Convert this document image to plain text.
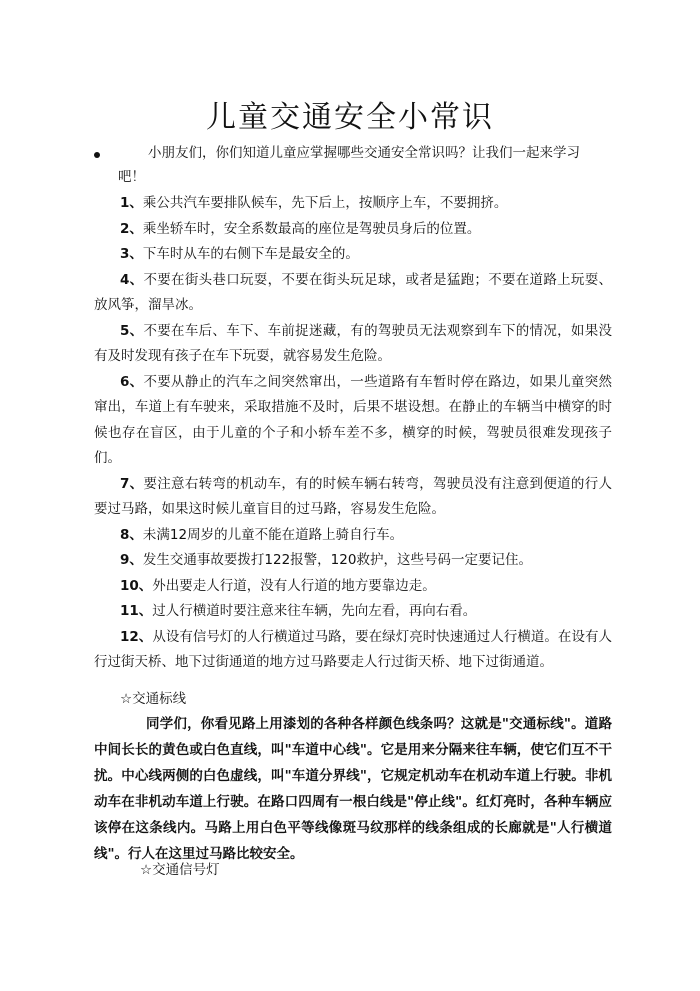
儿童交通安全小常识
小朋友们，你们知道儿童应掌握哪些交通安全常识吗？让我们一起来学习吧！
1、乘公共汽车要排队候车，先下后上，按顺序上车，不要拥挤。
2、乘坐轿车时，安全系数最高的座位是驾驶员身后的位置。
3、下车时从车的右侧下车是最安全的。
4、不要在街头巷口玩耍，不要在街头玩足球，或者是猛跑；不要在道路上玩耍、放风筝，溜旱冰。
5、不要在车后、车下、车前捉迷藏，有的驾驶员无法观察到车下的情况，如果没有及时发现有孩子在车下玩耍，就容易发生危险。
6、不要从静止的汽车之间突然窜出，一些道路有车暂时停在路边，如果儿童突然窜出，车道上有车驶来，采取措施不及时，后果不堪设想。在静止的车辆当中横穿的时候也存在盲区，由于儿童的个子和小轿车差不多，横穿的时候，驾驶员很难发现孩子们。
7、要注意右转弯的机动车，有的时候车辆右转弯，驾驶员没有注意到便道的行人要过马路，如果这时候儿童盲目的过马路，容易发生危险。
8、未满12周岁的儿童不能在道路上骑自行车。
9、发生交通事故要拨打122报警，120救护，这些号码一定要记住。
10、外出要走人行道，没有人行道的地方要靠边走。
11、过人行横道时要注意来往车辆，先向左看，再向右看。
12、从设有信号灯的人行横道过马路，要在绿灯亮时快速通过人行横道。在设有人行过街天桥、地下过街通道的地方过马路要走人行过街天桥、地下过街通道。
☆交通标线
同学们，你看见路上用漆划的各种各样颜色线条吗？这就是"交通标线"。道路中间长长的黄色或白色直线，叫"车道中心线"。它是用来分隔来往车辆，使它们互不干扰。中心线两侧的白色虚线，叫"车道分界线"，它规定机动车在机动车道上行驶。非机动车在非机动车道上行驶。在路口四周有一根白线是"停止线"。红灯亮时，各种车辆应该停在这条线内。马路上用白色平等线像斑马纹那样的线条组成的长廊就是"人行横道线"。行人在这里过马路比较安全。
☆交通信号灯
